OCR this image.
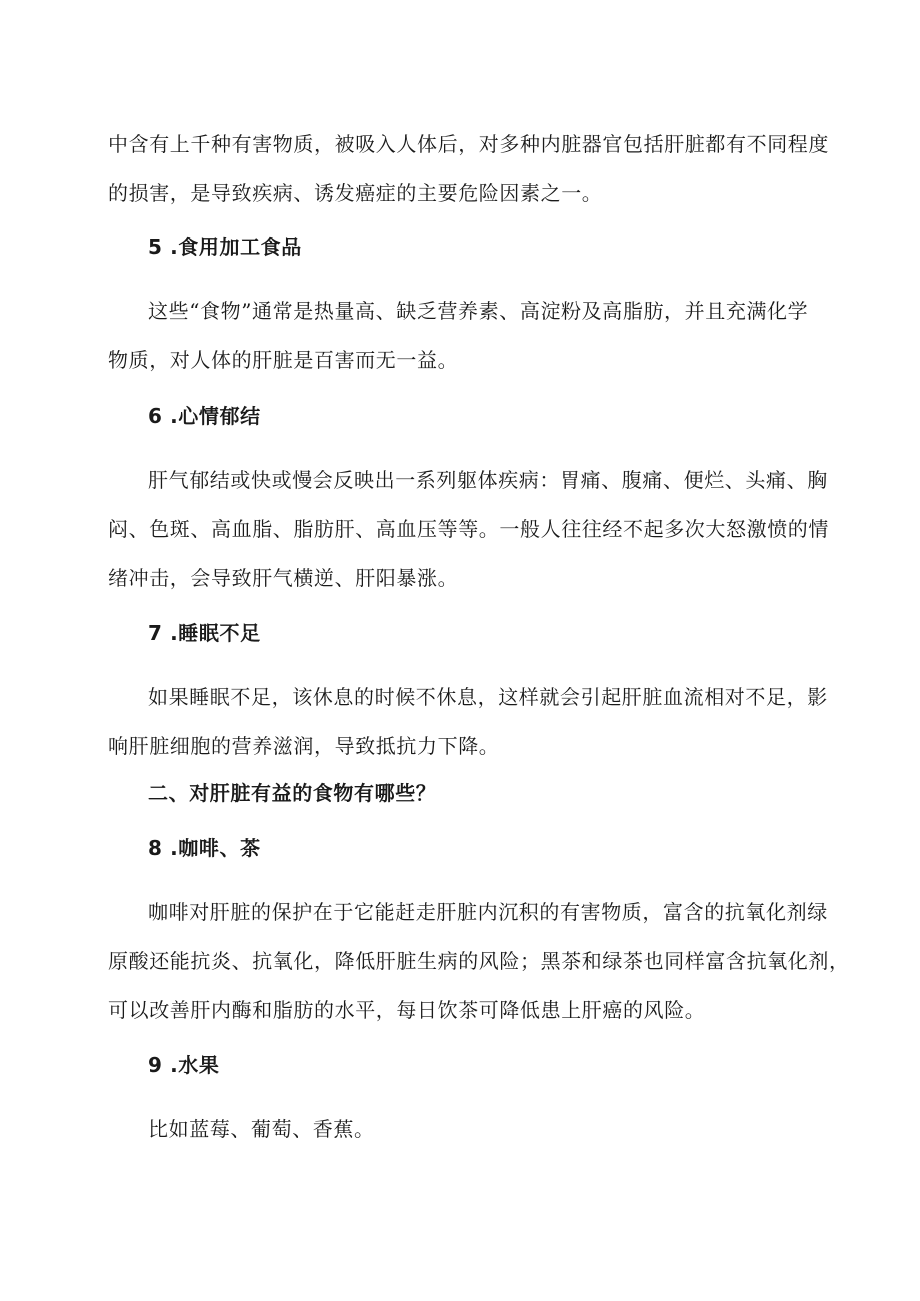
中含有上千种有害物质，被吸入人体后，对多种内脏器官包括肝脏都有不同程度
的损害，是导致疾病、诱发癌症的主要危险因素之一。
5 .食用加工食品
这些“食物”通常是热量高、缺乏营养素、高淀粉及高脂肪，并且充满化学
物质，对人体的肝脏是百害而无一益。
6 .心情郁结
肝气郁结或快或慢会反映出一系列躯体疾病：胃痛、腹痛、便烂、头痛、胸
闷、色斑、高血脂、脂肪肝、高血压等等。一般人往往经不起多次大怒激愤的情
绪冲击，会导致肝气横逆、肝阳暴涨。
7 .睡眠不足
如果睡眠不足，该休息的时候不休息，这样就会引起肝脏血流相对不足，影
响肝脏细胞的营养滋润，导致抵抗力下降。
二、对肝脏有益的食物有哪些？
8 .咖啡、茶
咖啡对肝脏的保护在于它能赶走肝脏内沉积的有害物质，富含的抗氧化剂绿
原酸还能抗炎、抗氧化，降低肝脏生病的风险；黑茶和绿茶也同样富含抗氧化剂，
可以改善肝内酶和脂肪的水平，每日饮茶可降低患上肝癌的风险。
9 .水果
比如蓝莓、葡萄、香蕉。
